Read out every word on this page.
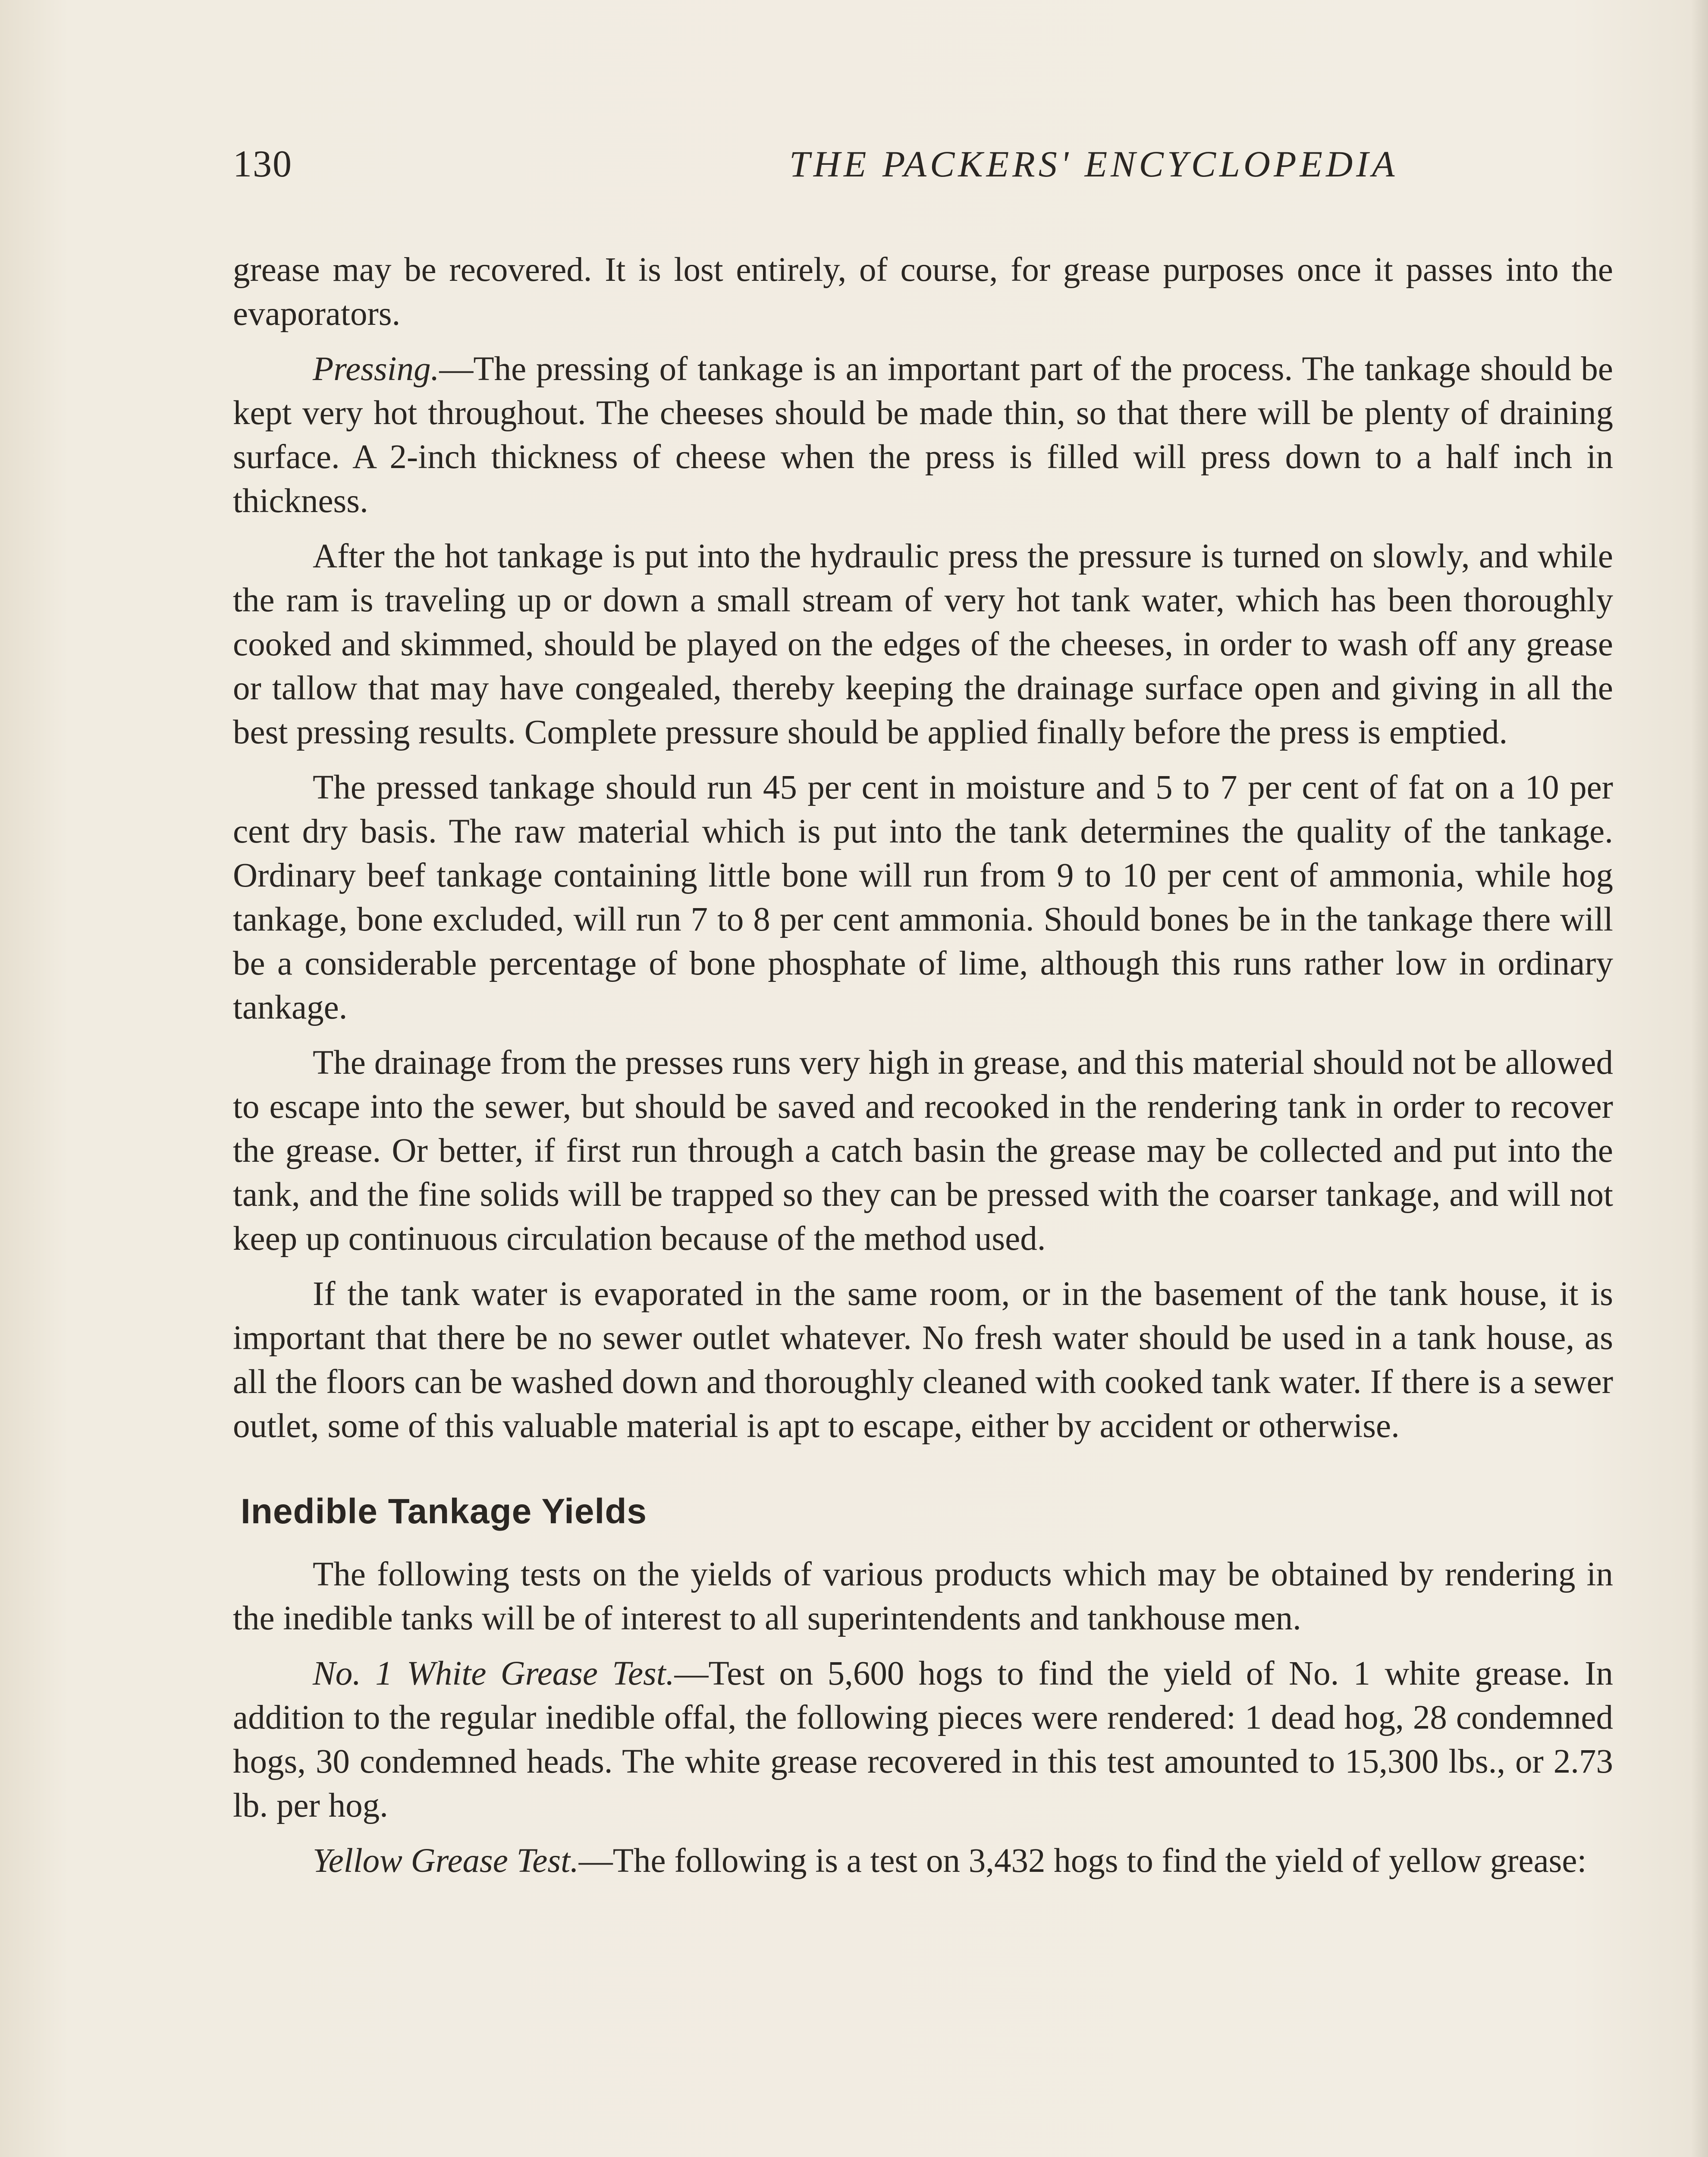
130	THE PACKERS' ENCYCLOPEDIA

grease may be recovered. It is lost entirely, of course, for grease purposes once it passes into the evaporators.

Pressing.—The pressing of tankage is an important part of the process. The tankage should be kept very hot throughout. The cheeses should be made thin, so that there will be plenty of draining surface. A 2-inch thickness of cheese when the press is filled will press down to a half inch in thickness.

After the hot tankage is put into the hydraulic press the pressure is turned on slowly, and while the ram is traveling up or down a small stream of very hot tank water, which has been thoroughly cooked and skimmed, should be played on the edges of the cheeses, in order to wash off any grease or tallow that may have congealed, thereby keeping the drainage surface open and giving in all the best pressing results. Complete pressure should be applied finally before the press is emptied.

The pressed tankage should run 45 per cent in moisture and 5 to 7 per cent of fat on a 10 per cent dry basis. The raw material which is put into the tank determines the quality of the tankage. Ordinary beef tankage containing little bone will run from 9 to 10 per cent of ammonia, while hog tankage, bone excluded, will run 7 to 8 per cent ammonia. Should bones be in the tankage there will be a considerable percentage of bone phosphate of lime, although this runs rather low in ordinary tankage.

The drainage from the presses runs very high in grease, and this material should not be allowed to escape into the sewer, but should be saved and recooked in the rendering tank in order to recover the grease. Or better, if first run through a catch basin the grease may be collected and put into the tank, and the fine solids will be trapped so they can be pressed with the coarser tankage, and will not keep up continuous circulation because of the method used.

If the tank water is evaporated in the same room, or in the basement of the tank house, it is important that there be no sewer outlet whatever. No fresh water should be used in a tank house, as all the floors can be washed down and thoroughly cleaned with cooked tank water. If there is a sewer outlet, some of this valuable material is apt to escape, either by accident or otherwise.

Inedible Tankage Yields

The following tests on the yields of various products which may be obtained by rendering in the inedible tanks will be of interest to all superintendents and tankhouse men.

No. 1 White Grease Test.—Test on 5,600 hogs to find the yield of No. 1 white grease. In addition to the regular inedible offal, the following pieces were rendered: 1 dead hog, 28 condemned hogs, 30 condemned heads. The white grease recovered in this test amounted to 15,300 lbs., or 2.73 lb. per hog.

Yellow Grease Test.—The following is a test on 3,432 hogs to find the yield of yellow grease:
